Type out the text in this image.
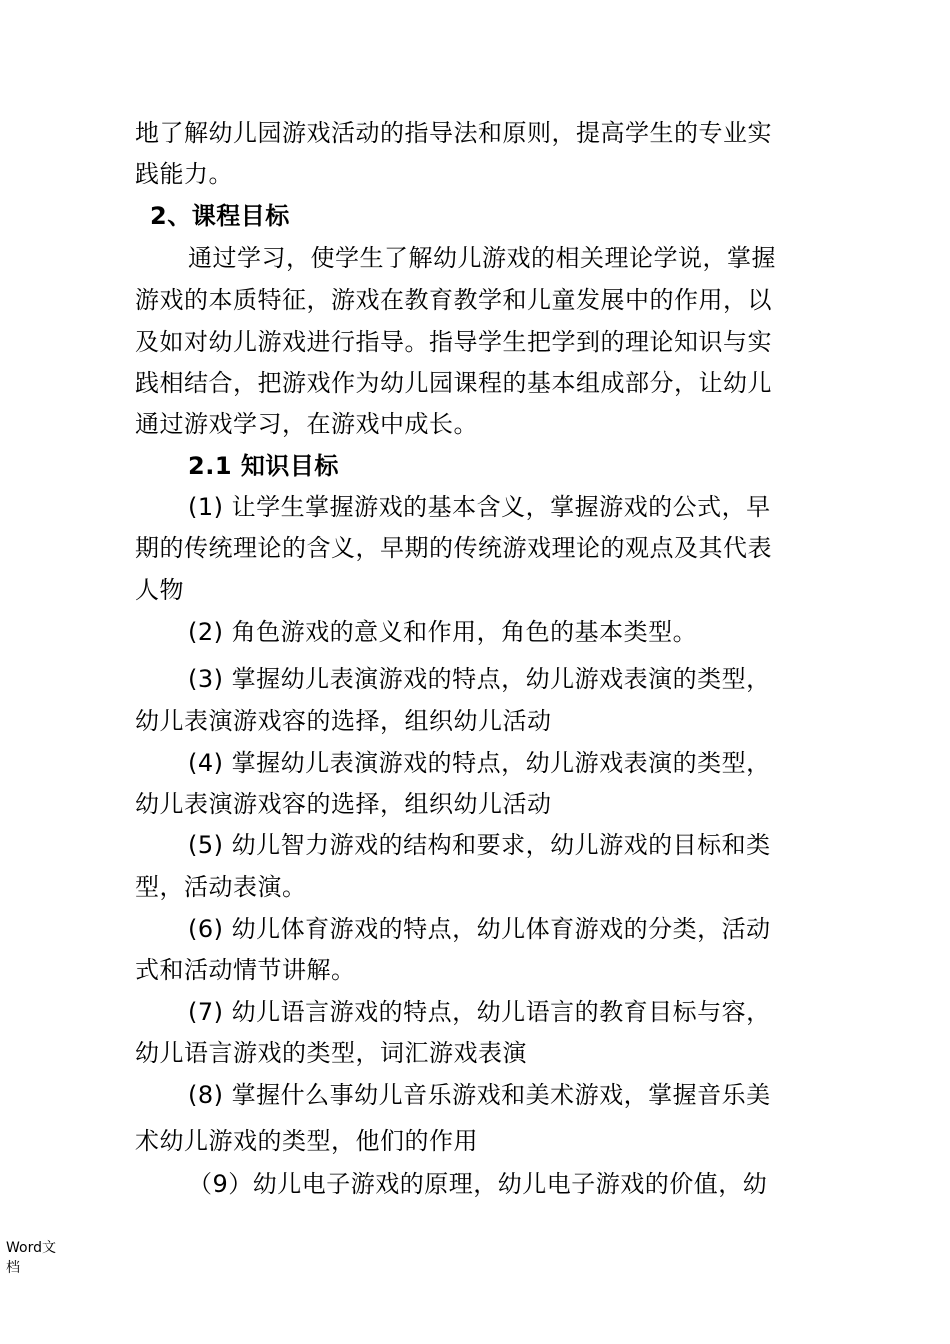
地了解幼儿园游戏活动的指导法和原则，提高学生的专业实
践能力。
2、课程目标
通过学习，使学生了解幼儿游戏的相关理论学说，掌握
游戏的本质特征，游戏在教育教学和儿童发展中的作用，以
及如对幼儿游戏进行指导。指导学生把学到的理论知识与实
践相结合，把游戏作为幼儿园课程的基本组成部分，让幼儿
通过游戏学习，在游戏中成长。
2.1 知识目标
(1) 让学生掌握游戏的基本含义，掌握游戏的公式，早
期的传统理论的含义，早期的传统游戏理论的观点及其代表
人物
(2) 角色游戏的意义和作用，角色的基本类型。
(3) 掌握幼儿表演游戏的特点，幼儿游戏表演的类型，
幼儿表演游戏容的选择，组织幼儿活动
(4) 掌握幼儿表演游戏的特点，幼儿游戏表演的类型，
幼儿表演游戏容的选择，组织幼儿活动
(5) 幼儿智力游戏的结构和要求，幼儿游戏的目标和类
型，活动表演。
(6) 幼儿体育游戏的特点，幼儿体育游戏的分类，活动
式和活动情节讲解。
(7) 幼儿语言游戏的特点，幼儿语言的教育目标与容，
幼儿语言游戏的类型，词汇游戏表演
(8) 掌握什么事幼儿音乐游戏和美术游戏，掌握音乐美
术幼儿游戏的类型，他们的作用
（9）幼儿电子游戏的原理，幼儿电子游戏的价值，幼
Word文档
